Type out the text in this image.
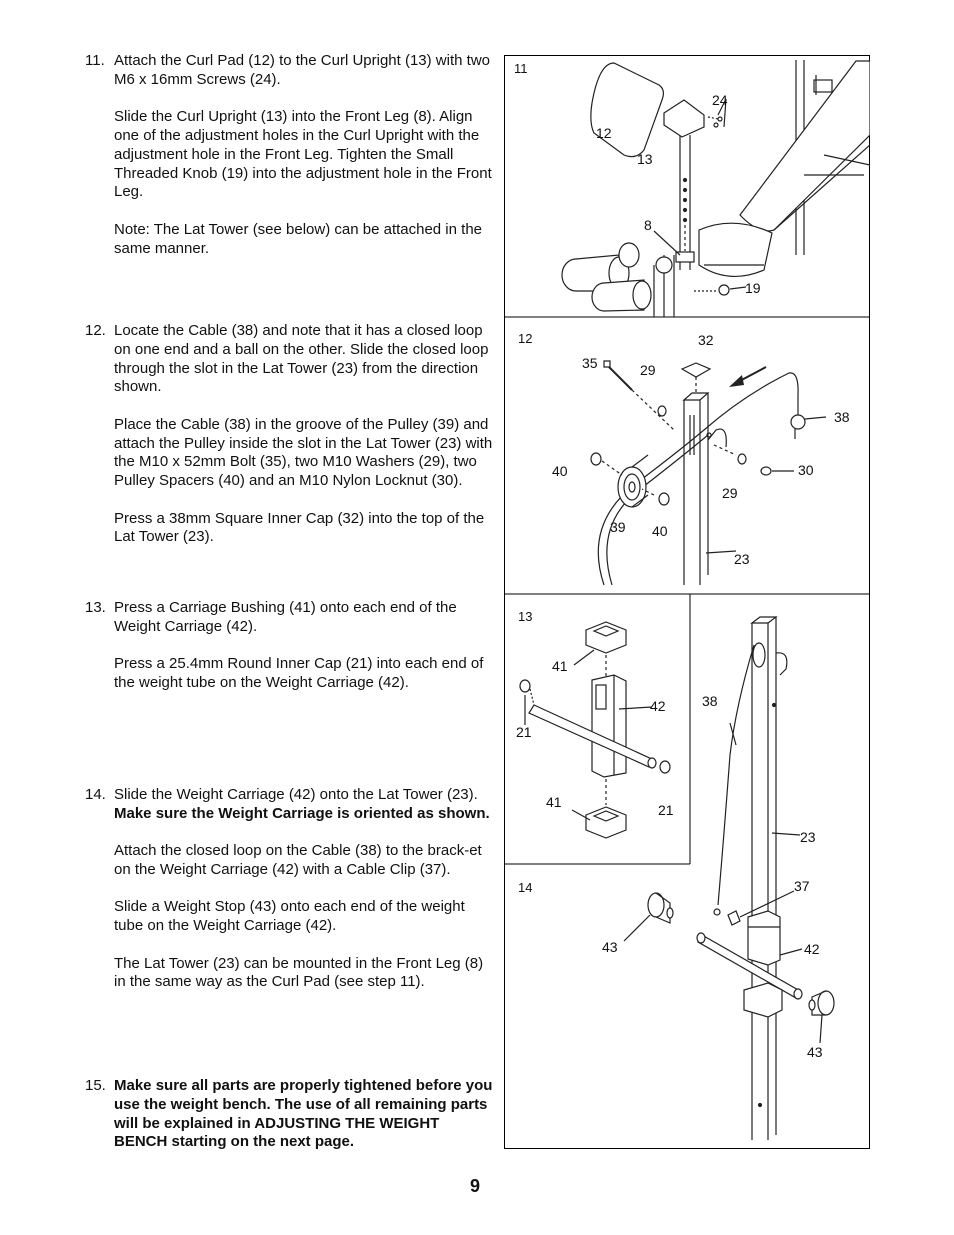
11. Attach the Curl Pad (12) to the Curl Upright (13) with two M6 x 16mm Screws (24).

Slide the Curl Upright (13) into the Front Leg (8). Align one of the adjustment holes in the Curl Upright with the adjustment hole in the Front Leg. Tighten the Small Threaded Knob (19) into the adjustment hole in the Front Leg.

Note: The Lat Tower (see below) can be attached in the same manner.

12. Locate the Cable (38) and note that it has a closed loop on one end and a ball on the other. Slide the closed loop through the slot in the Lat Tower (23) from the direction shown.

Place the Cable (38) in the groove of the Pulley (39) and attach the Pulley inside the slot in the Lat Tower (23) with the M10 x 52mm Bolt (35), two M10 Washers (29), two Pulley Spacers (40) and an M10 Nylon Locknut (30).

Press a 38mm Square Inner Cap (32) into the top of the Lat Tower (23).

13. Press a Carriage Bushing (41) onto each end of the Weight Carriage (42).

Press a 25.4mm Round Inner Cap (21) into each end of the weight tube on the Weight Carriage (42).

14. Slide the Weight Carriage (42) onto the Lat Tower (23). Make sure the Weight Carriage is oriented as shown.

Attach the closed loop on the Cable (38) to the brack-et on the Weight Carriage (42) with a Cable Clip (37).

Slide a Weight Stop (43) onto each end of the weight tube on the Weight Carriage (42).

The Lat Tower (23) can be mounted in the Front Leg (8) in the same way as the Curl Pad (see step 11).

15. Make sure all parts are properly tightened before you use the weight bench. The use of all remaining parts will be explained in ADJUSTING THE WEIGHT BENCH starting on the next page.

11
12
13
24
8
19
12	32
35	29
38
40	30
29
39 40
23
13
41
42
21
41	21
14
38
23
37
43	42
43
9
